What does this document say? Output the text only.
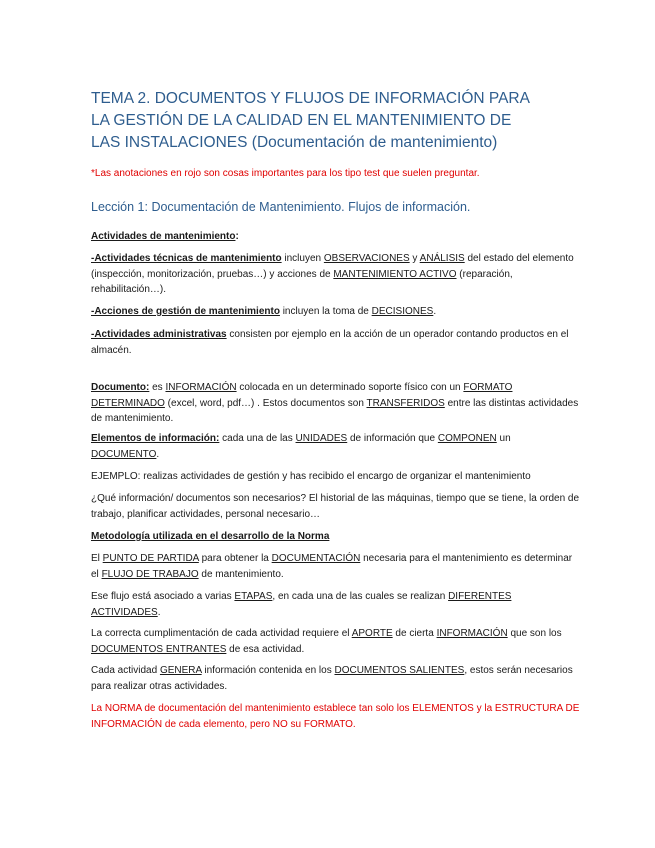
TEMA 2. DOCUMENTOS Y FLUJOS DE INFORMACIÓN PARA LA GESTIÓN DE LA CALIDAD EN EL MANTENIMIENTO DE LAS INSTALACIONES (Documentación de mantenimiento)

*Las anotaciones en rojo son cosas importantes para los tipo test que suelen preguntar.

Lección 1: Documentación de Mantenimiento. Flujos de información.

Actividades de mantenimiento:

-Actividades técnicas de mantenimiento incluyen OBSERVACIONES y ANÁLISIS del estado del elemento (inspección, monitorización, pruebas…) y acciones de MANTENIMIENTO ACTIVO (reparación, rehabilitación…).

-Acciones de gestión de mantenimiento incluyen la toma de DECISIONES.

-Actividades administrativas consisten por ejemplo en la acción de un operador contando productos en el almacén.

Documento: es INFORMACIÓN colocada en un determinado soporte físico con un FORMATO DETERMINADO (excel, word, pdf…) . Estos documentos son TRANSFERIDOS entre las distintas actividades de mantenimiento.

Elementos de información: cada una de las UNIDADES de información que COMPONEN un DOCUMENTO.

EJEMPLO: realizas actividades de gestión y has recibido el encargo de organizar el mantenimiento

¿Qué información/ documentos son necesarios? El historial de las máquinas, tiempo que se tiene, la orden de trabajo, planificar actividades, personal necesario…

Metodología utilizada en el desarrollo de la Norma

El PUNTO DE PARTIDA para obtener la DOCUMENTACIÓN necesaria para el mantenimiento es determinar el FLUJO DE TRABAJO de mantenimiento.

Ese flujo está asociado a varias ETAPAS, en cada una de las cuales se realizan DIFERENTES ACTIVIDADES.

La correcta cumplimentación de cada actividad requiere el APORTE de cierta INFORMACIÓN que son los DOCUMENTOS ENTRANTES de esa actividad.

Cada actividad GENERA información contenida en los DOCUMENTOS SALIENTES, estos serán necesarios para realizar otras actividades.

La NORMA de documentación del mantenimiento establece tan solo los ELEMENTOS y la ESTRUCTURA DE INFORMACIÓN de cada elemento, pero NO su FORMATO.
